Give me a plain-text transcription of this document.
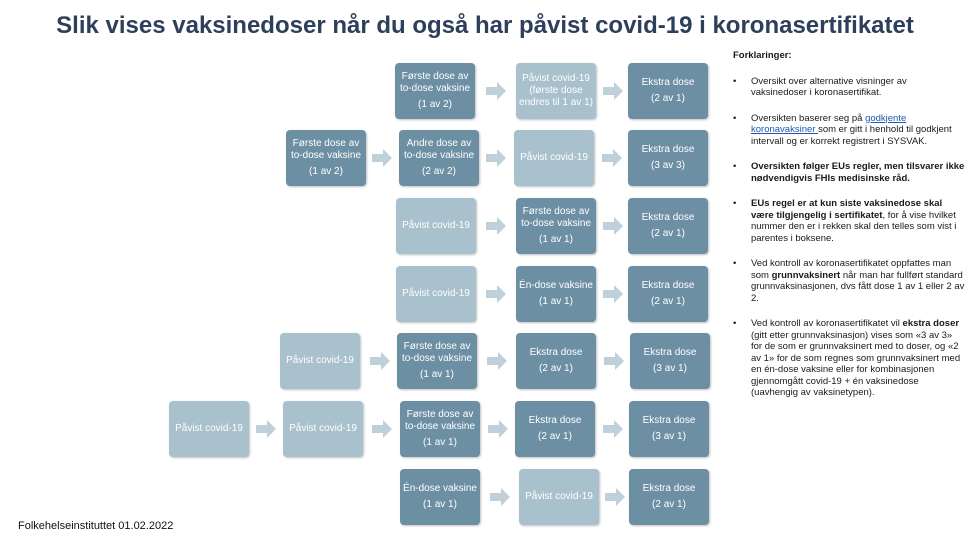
Slik vises vaksinedoser når du også har påvist covid-19 i koronasertifikatet
Første dose av
to-dose vaksine
(1 av 2)
Påvist covid-19
(første dose
endres til 1 av 1)
Ekstra dose
(2 av 1)
Første dose av
to-dose vaksine
(1 av 2)
Andre dose av
to-dose vaksine
(2 av 2)
Påvist covid-19
Ekstra dose
(3 av 3)
Påvist covid-19
Første dose av
to-dose vaksine
(1 av 1)
Ekstra dose
(2 av 1)
Påvist covid-19
Én-dose vaksine
(1 av 1)
Ekstra dose
(2 av 1)
Påvist covid-19
Første dose av
to-dose vaksine
(1 av 1)
Ekstra dose
(2 av 1)
Ekstra dose
(3 av 1)
Påvist covid-19	Påvist covid-19
Første dose av
to-dose vaksine
(1 av 1)
Ekstra dose
(2 av 1)
Ekstra dose
(3 av 1)
Én-dose vaksine
(1 av 1)
Påvist covid-19
Ekstra dose
(2 av 1)
Forklaringer:
• Oversikt over alternative visninger av vaksinedoser i koronasertifikat.
• Oversikten baserer seg på godkjente koronavaksiner som er gitt i henhold til godkjent intervall og er korrekt registrert i SYSVAK.
• Oversikten følger EUs regler, men tilsvarer ikke nødvendigvis FHIs medisinske råd.
• EUs regel er at kun siste vaksinedose skal være tilgjengelig i sertifikatet, for å vise hvilket nummer den er i rekken skal den telles som vist i parentes i boksene.
• Ved kontroll av koronasertifikatet oppfattes man som grunnvaksinert når man har fullført standard grunnvaksinasjonen, dvs fått dose 1 av 1 eller 2 av 2.
• Ved kontroll av koronasertifikatet vil ekstra doser (gitt etter grunnvaksinasjon) vises som «3 av 3» for de som er grunnvaksinert med to doser, og «2 av 1» for de som regnes som grunnvaksinert med en én-dose vaksine eller for kombinasjonen gjennomgått covid-19 + én vaksinedose (uavhengig av vaksinetypen).
Folkehelseinstituttet 01.02.2022
